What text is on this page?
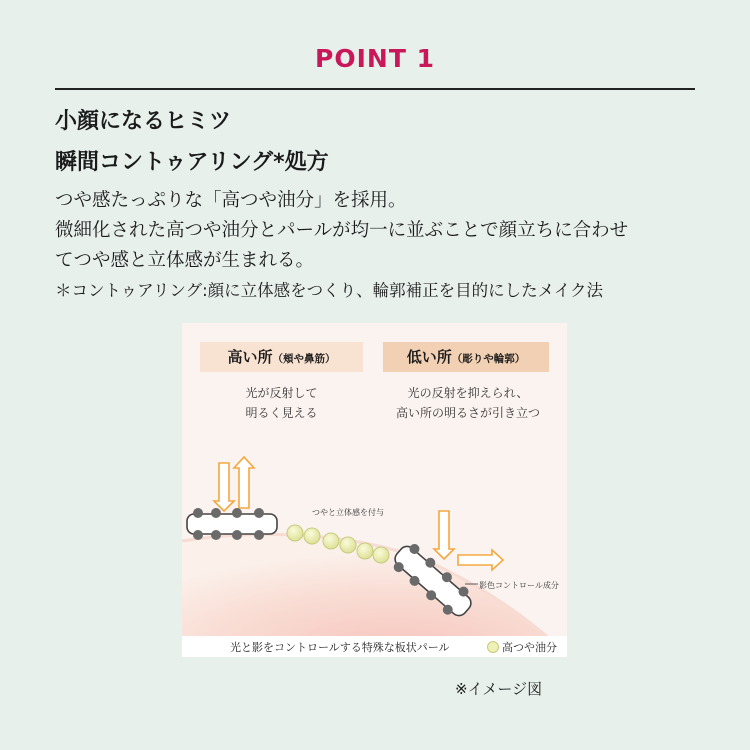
POINT 1
小顔になるヒミツ
瞬間コントゥアリング*処方
つや感たっぷりな「高つや油分」を採用。
微細化された高つや油分とパールが均一に並ぶことで顔立ちに合わせ
てつや感と立体感が生まれる。
＊コントゥアリング:顔に立体感をつくり、輪郭補正を目的にしたメイク法
高い所（頬や鼻筋）	低い所（彫りや輪郭）
光が反射して
明るく見える
光の反射を抑えられ、
高い所の明るさが引き立つ
つやと立体感を付与
影色コントロール成分
光と影をコントロールする特殊な板状パール	高つや油分
※イメージ図
